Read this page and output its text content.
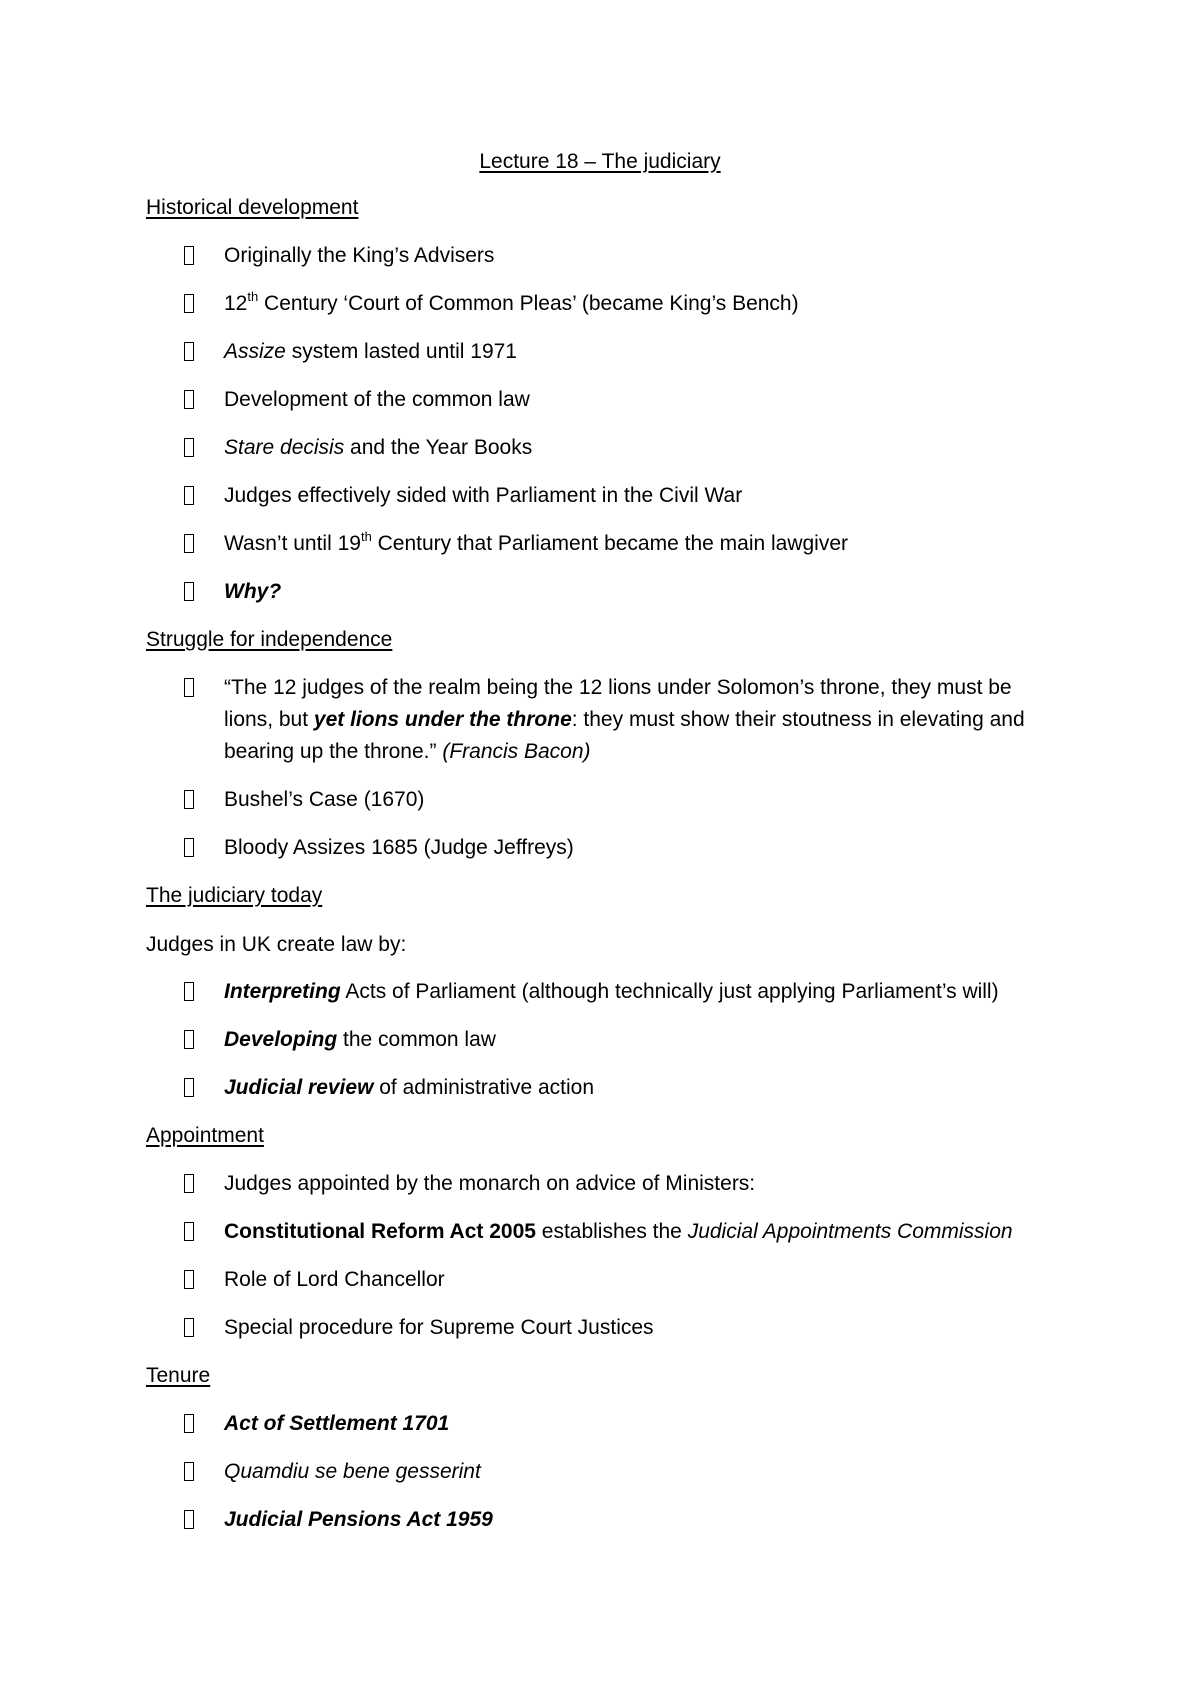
Lecture 18 – The judiciary
Historical development
Originally the King’s Advisers
12th Century ‘Court of Common Pleas’ (became King’s Bench)
Assize system lasted until 1971
Development of the common law
Stare decisis and the Year Books
Judges effectively sided with Parliament in the Civil War
Wasn’t until 19th Century that Parliament became the main lawgiver
Why?
Struggle for independence
“The 12 judges of the realm being the 12 lions under Solomon’s throne, they must be
lions, but yet lions under the throne: they must show their stoutness in elevating and
bearing up the throne.” (Francis Bacon)
Bushel’s Case (1670)
Bloody Assizes 1685 (Judge Jeffreys)
The judiciary today
Judges in UK create law by:
Interpreting Acts of Parliament (although technically just applying Parliament’s will)
Developing the common law
Judicial review of administrative action
Appointment
Judges appointed by the monarch on advice of Ministers:
Constitutional Reform Act 2005 establishes the Judicial Appointments Commission
Role of Lord Chancellor
Special procedure for Supreme Court Justices
Tenure
Act of Settlement 1701
Quamdiu se bene gesserint
Judicial Pensions Act 1959
